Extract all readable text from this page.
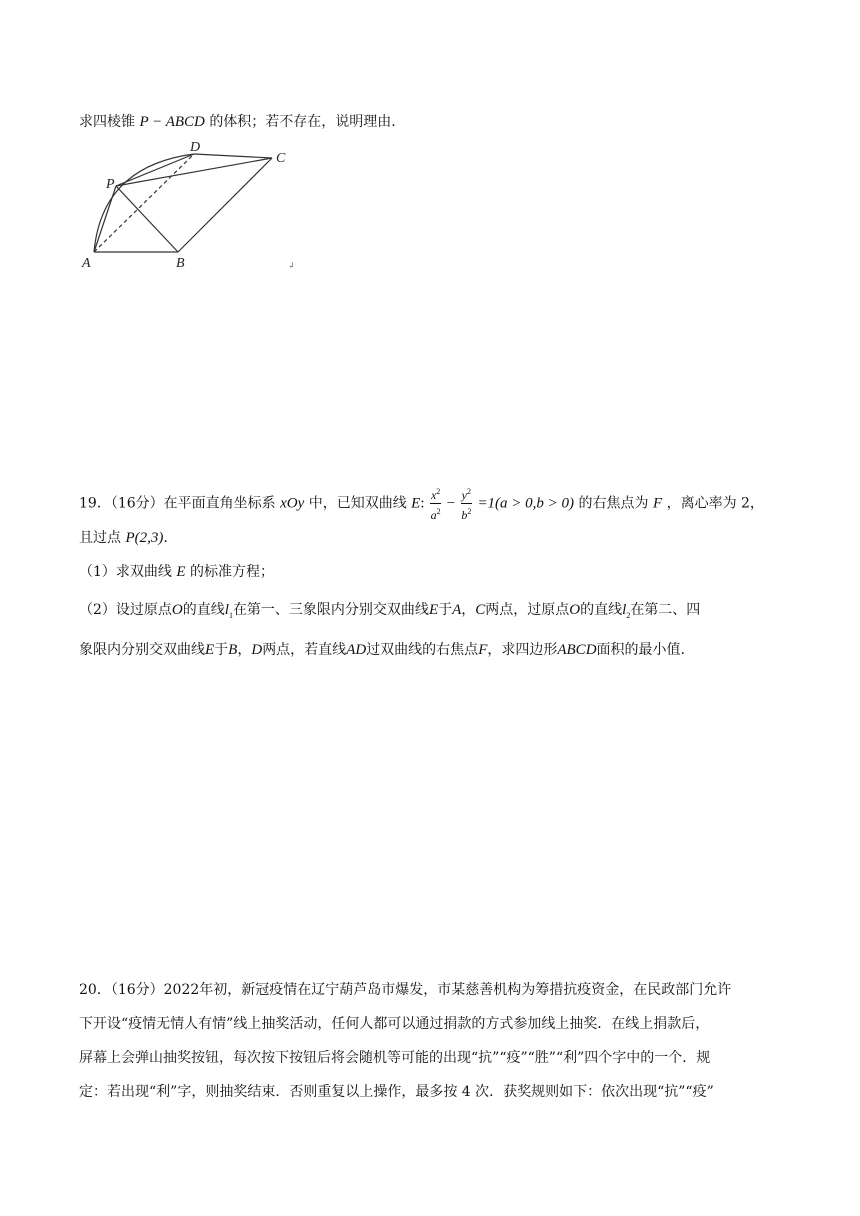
求四棱锥 P − ABCD 的体积；若不存在，说明理由.
A	B
C
D
P
↲
19．（16分）在平面直角坐标系 xOy 中，已知双曲线 E: $\frac{x^2}{a^2} - \frac{y^2}{b^2} =1(a > 0,b > 0)$ 的右焦点为 F ，离心率为 2，
且过点 P(2,3).
（1）求双曲线 E 的标准方程；
（2）设过原点O的直线$l_1$在第一、三象限内分别交双曲线E于A，C两点，过原点O的直线$l_2$在第二、四
象限内分别交双曲线E于B，D两点，若直线AD过双曲线的右焦点F，求四边形ABCD面积的最小值.
20．（16分）2022年初，新冠疫情在辽宁葫芦岛市爆发，市某慈善机构为筹措抗疫资金，在民政部门允许
下开设“疫情无情人有情”线上抽奖活动，任何人都可以通过捐款的方式参加线上抽奖．在线上捐款后，
屏幕上会弹山抽奖按钮，每次按下按钮后将会随机等可能的出现“抗”“疫”“胜”“利”四个字中的一个．规
定：若出现“利”字，则抽奖结束．否则重复以上操作，最多按 4 次．获奖规则如下：依次出现“抗”“疫”
